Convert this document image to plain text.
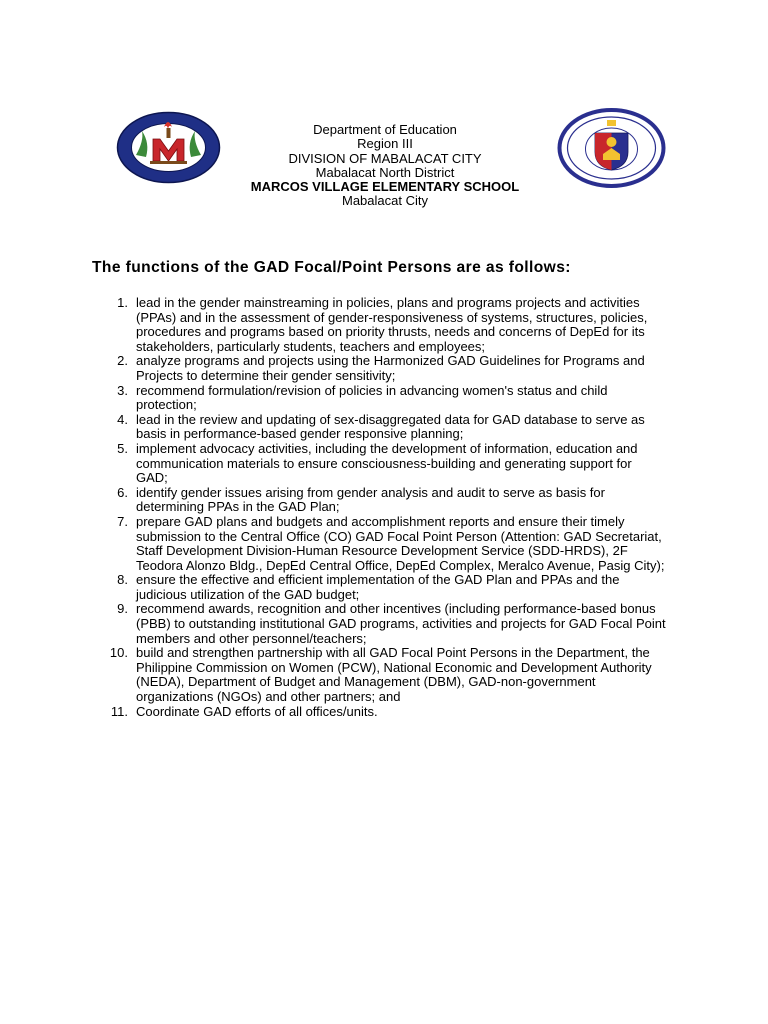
Department of Education
Region III
DIVISION OF MABALACAT CITY
Mabalacat North District
MARCOS VILLAGE ELEMENTARY SCHOOL
Mabalacat City
The functions of the GAD Focal/Point Persons are as follows:
1. lead in the gender mainstreaming in policies, plans and programs projects and activities (PPAs) and in the assessment of gender-responsiveness of systems, structures, policies, procedures and programs based on priority thrusts, needs and concerns of DepEd for its stakeholders, particularly students, teachers and employees;
2. analyze programs and projects using the Harmonized GAD Guidelines for Programs and Projects to determine their gender sensitivity;
3. recommend formulation/revision of policies in advancing women's status and child protection;
4. lead in the review and updating of sex-disaggregated data for GAD database to serve as basis in performance-based gender responsive planning;
5. implement advocacy activities, including the development of information, education and communication materials to ensure consciousness-building and generating support for GAD;
6. identify gender issues arising from gender analysis and audit to serve as basis for determining PPAs in the GAD Plan;
7. prepare GAD plans and budgets and accomplishment reports and ensure their timely submission to the Central Office (CO) GAD Focal Point Person (Attention: GAD Secretariat, Staff Development Division-Human Resource Development Service (SDD-HRDS), 2F Teodora Alonzo Bldg., DepEd Central Office, DepEd Complex, Meralco Avenue, Pasig City);
8. ensure the effective and efficient implementation of the GAD Plan and PPAs and the judicious utilization of the GAD budget;
9. recommend awards, recognition and other incentives (including performance-based bonus (PBB) to outstanding institutional GAD programs, activities and projects for GAD Focal Point members and other personnel/teachers;
10. build and strengthen partnership with all GAD Focal Point Persons in the Department, the Philippine Commission on Women (PCW), National Economic and Development Authority (NEDA), Department of Budget and Management (DBM), GAD-non-government organizations (NGOs) and other partners; and
11. Coordinate GAD efforts of all offices/units.
